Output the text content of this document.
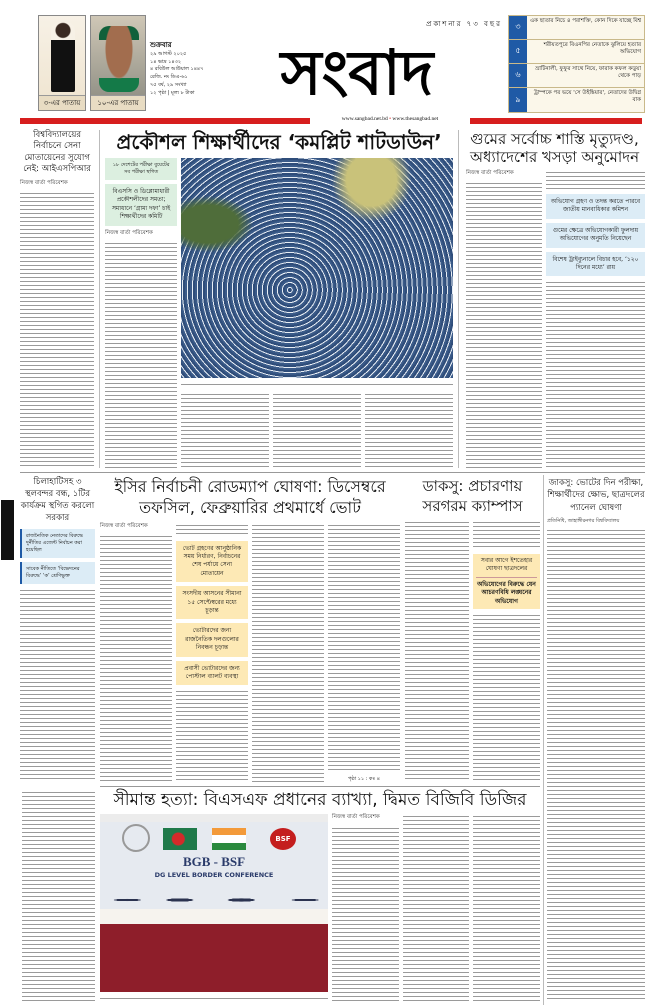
৩-এর পাতায়	১০-এর পাতায়
শুক্রবার
২৯ আগস্ট ২০২৫
১৪ ভাদ্র ১৪৩২
৪ রবিউল আউয়াল ১৪৪৭
রেজি. নং ডিএ-৬১
৭৫ বর্ষ, ২৯ সংখ্যা
১২ পৃষ্ঠা | মূল্য ৮ টাকা
প্রকাশনার ৭৩ বছর
সংবাদ
৩
এক ছাতার নিচে ৪ পরাশক্তি, কোন দিকে যাচ্ছে বিশ্ব
৫
শরীয়তপুরে বিএনপির নেতাকে ঝুলিয়ে হত্যার অভিযোগ
৬
ভ্রাটিনালী, ফুফুর সাথে নিয়ে, ফারাক কফল কড়ুয়া থেকে পাড়
৯
ট্রাম্পকে পর ভয়ে 'সে উইঙ্কিয়ার', নেতাদের উদ্বিগ্ন বাক
www.sangbad.net.bd • www.thesangbad.net
বিশ্ববিদ্যালয়ের নির্বাচনে সেনা মোতায়েনের সুযোগ নেই: আইএসপিআর
নিজস্ব বার্তা পরিবেশক
প্রকৌশল শিক্ষার্থীদের ‘কমপ্লিট শাটডাউন’
১৮ দেশেটের পরীক্ষা বুয়েটের সব পরীক্ষা স্থগিত
বিএসসি ও ডিপ্লোমাধারী প্রকৌশলীদের সমতা; সমাধানে ‘গ্রাম্য দফা’ চাই শিক্ষার্থীদের কমিটি
নিজস্ব বার্তা পরিবেশক
গুমের সর্বোচ্চ শাস্তি মৃত্যুদণ্ড, অধ্যাদেশের খসড়া অনুমোদন
নিজস্ব বার্তা পরিবেশক
অভিযোগ গ্রহণ ও তদন্ত করতে পারবে জাতীয় মানবাধিকার কমিশন
গুমের ক্ষেত্রে অভিযোগকারী ফুলদায় অভিযোগের অনুমতি নিয়েছেন
বিশেষ ট্রাইব্যুনালে বিচার হবে, ‘১২০ দিনের মধ্যে’ রায়
চিলাহাটিসহ ৩ স্থলবন্দর বন্ধ, ১টির কার্যক্রম স্থগিত করলো সরকার
রাজনৈতিক নেতাদের বিরুদ্ধে দুর্নীতির এজেন্ট নির্বাচন করা হয়েছিল
সাবেক নীতিতে ‘বিভেদনের বিরুদ্ধে’ ‘ক’ শ্রেণিভুক্ত
ইসির নির্বাচনী রোডম্যাপ ঘোষণা: ডিসেম্বরে তফসিল, ফেব্রুয়ারির প্রথমার্ধে ভোট
নিজস্ব বার্তা পরিবেশক
ভোট গ্রহণের আনুষ্ঠানিক সময় নির্ধারণ, নির্বাচনের শেষ পর্যায়ে সেনা মোতায়েন
সংসদীয় আসনের সীমানা ১৫ সেপ্টেম্বরের মধ্যে চূড়ান্ত
ভোটারদের জন্য রাজনৈতিক দলগুলোর নিবন্ধন চূড়ান্ত
প্রবাসী ভোটারদের জন্য পোস্টাল ব্যালট ব্যবস্থা
পৃষ্ঠা ১১ : কঃ ৪
ডাকসু: প্রচারণায় সরগরম ক্যাম্পাস
সবার আগে ইশতেহার ঘোষণা ছাত্রদলের
অভিযোগের বিরুদ্ধে যেন আচরণবিধি লঙ্ঘনের অভিযোগ
জাকসু: ভোটের দিন পরীক্ষা, শিক্ষার্থীদের ক্ষোভ, ছাত্রদলের প্যানেল ঘোষণা
প্রতিনিধি, জাহাঙ্গীরনগর বিশ্ববিদ্যালয়
সীমান্ত হত্যা: বিএসএফ প্রধানের ব্যাখ্যা, দ্বিমত বিজিবি ডিজির
BSF
BGB - BSF
DG LEVEL BORDER CONFERENCE
নিজস্ব বার্তা পরিবেশক
